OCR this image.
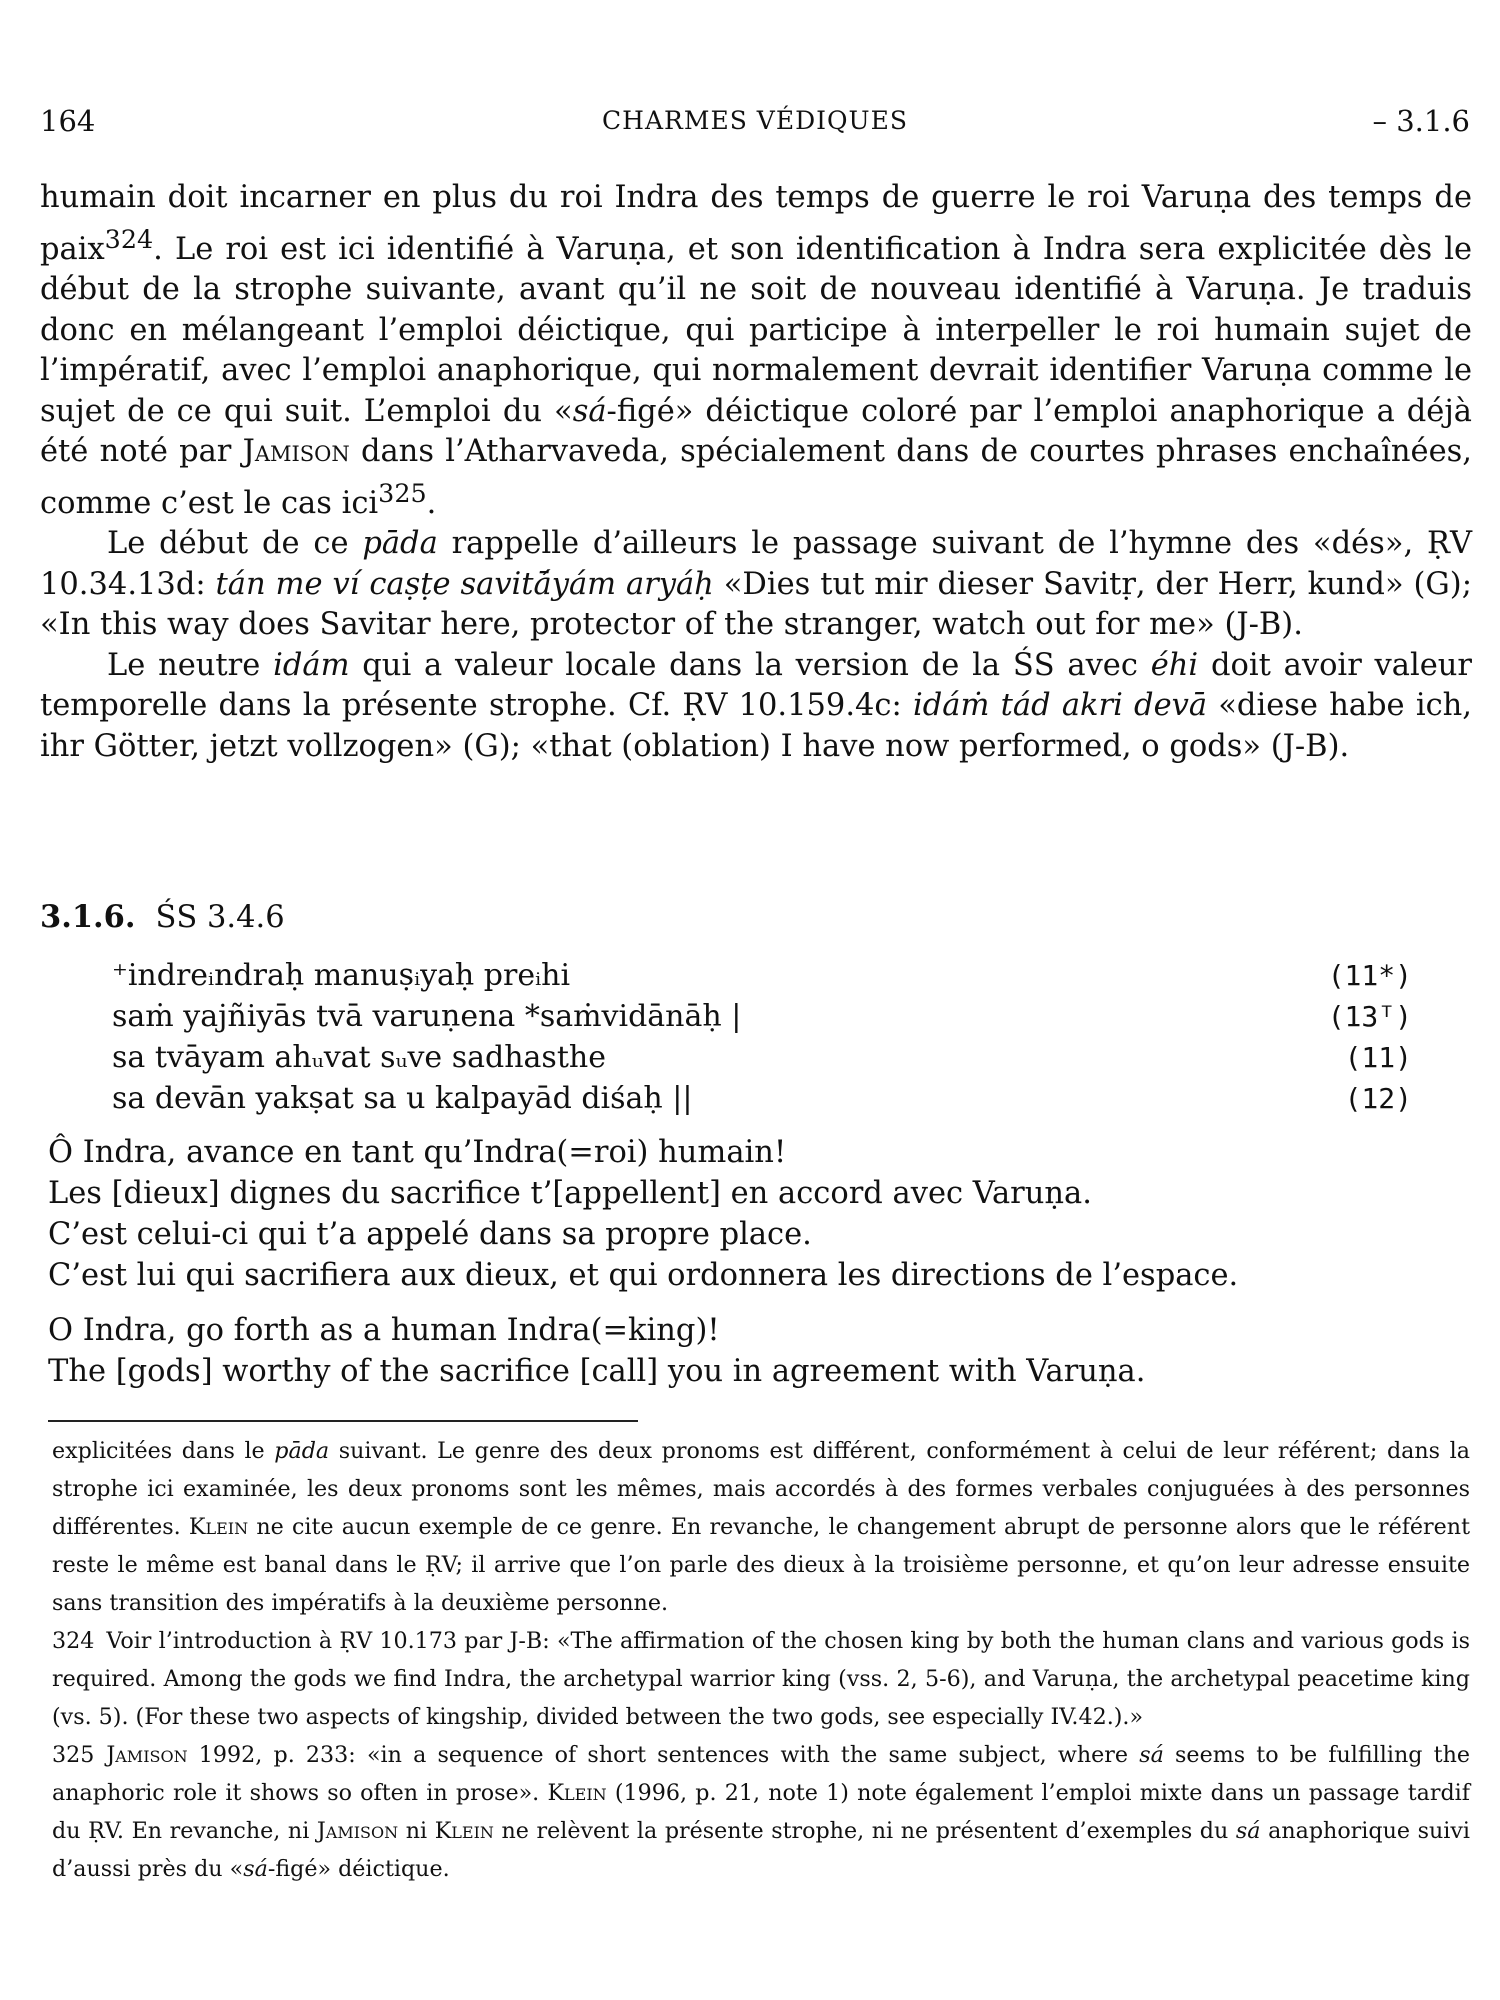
164	CHARMES VÉDIQUES	– 3.1.6

humain doit incarner en plus du roi Indra des temps de guerre le roi Varuṇa des temps de paix$^{324}$. Le roi est ici identifié à Varuṇa, et son identification à Indra sera explicitée dès le début de la strophe suivante, avant qu’il ne soit de nouveau identifié à Varuṇa. Je traduis donc en mélangeant l’emploi déictique, qui participe à interpeller le roi humain sujet de l’impératif, avec l’emploi anaphorique, qui normalement devrait identifier Varuṇa comme le sujet de ce qui suit. L’emploi du «sá-figé» déictique coloré par l’emploi anaphorique a déjà été noté par Jamison dans l’Atharvaveda, spécialement dans de courtes phrases enchaînées, comme c’est le cas ici$^{325}$.

Le début de ce pāda rappelle d’ailleurs le passage suivant de l’hymne des «dés», ṚV 10.34.13d: tán me ví caṣṭe savitā́yám aryáḥ «Dies tut mir dieser Savitṛ, der Herr, kund» (G); «In this way does Savitar here, protector of the stranger, watch out for me» (J-B).

Le neutre idám qui a valeur locale dans la version de la ŚS avec éhi doit avoir valeur temporelle dans la présente strophe. Cf. ṚV 10.159.4c: idáṁ tád akri devā «diese habe ich, ihr Götter, jetzt vollzogen» (G); «that (oblation) I have now performed, o gods» (J-B).

3.1.6. ŚS 3.4.6
⁺indreᵢndraḥ manuṣᵢyaḥ preᵢhi	(11*)
saṁ yajñiyās tvā varuṇena *saṁvidānāḥ |	(13ᵀ)
sa tvāyam ahᵤvat sᵤve sadhasthe	(11)
sa devān yakṣat sa u kalpayād diśaḥ ||	(12)
Ô Indra, avance en tant qu’Indra(=roi) humain!
Les [dieux] dignes du sacrifice t’[appellent] en accord avec Varuṇa.
C’est celui-ci qui t’a appelé dans sa propre place.
C’est lui qui sacrifiera aux dieux, et qui ordonnera les directions de l’espace.
O Indra, go forth as a human Indra(=king)!
The [gods] worthy of the sacrifice [call] you in agreement with Varuṇa.

explicitées dans le pāda suivant. Le genre des deux pronoms est différent, conformément à celui de leur référent; dans la strophe ici examinée, les deux pronoms sont les mêmes, mais accordés à des formes verbales conjuguées à des personnes différentes. Klein ne cite aucun exemple de ce genre. En revanche, le changement abrupt de personne alors que le référent reste le même est banal dans le ṚV; il arrive que l’on parle des dieux à la troisième personne, et qu’on leur adresse ensuite sans transition des impératifs à la deuxième personne.

324 Voir l’introduction à ṚV 10.173 par J-B: «The affirmation of the chosen king by both the human clans and various gods is required. Among the gods we find Indra, the archetypal warrior king (vss. 2, 5-6), and Varuṇa, the archetypal peacetime king (vs. 5). (For these two aspects of kingship, divided between the two gods, see especially IV.42.).»

325 Jamison 1992, p. 233: «in a sequence of short sentences with the same subject, where sá seems to be fulfilling the anaphoric role it shows so often in prose». Klein (1996, p. 21, note 1) note également l’emploi mixte dans un passage tardif du ṚV. En revanche, ni Jamison ni Klein ne relèvent la présente strophe, ni ne présentent d’exemples du sá anaphorique suivi d’aussi près du «sá-figé» déictique.
